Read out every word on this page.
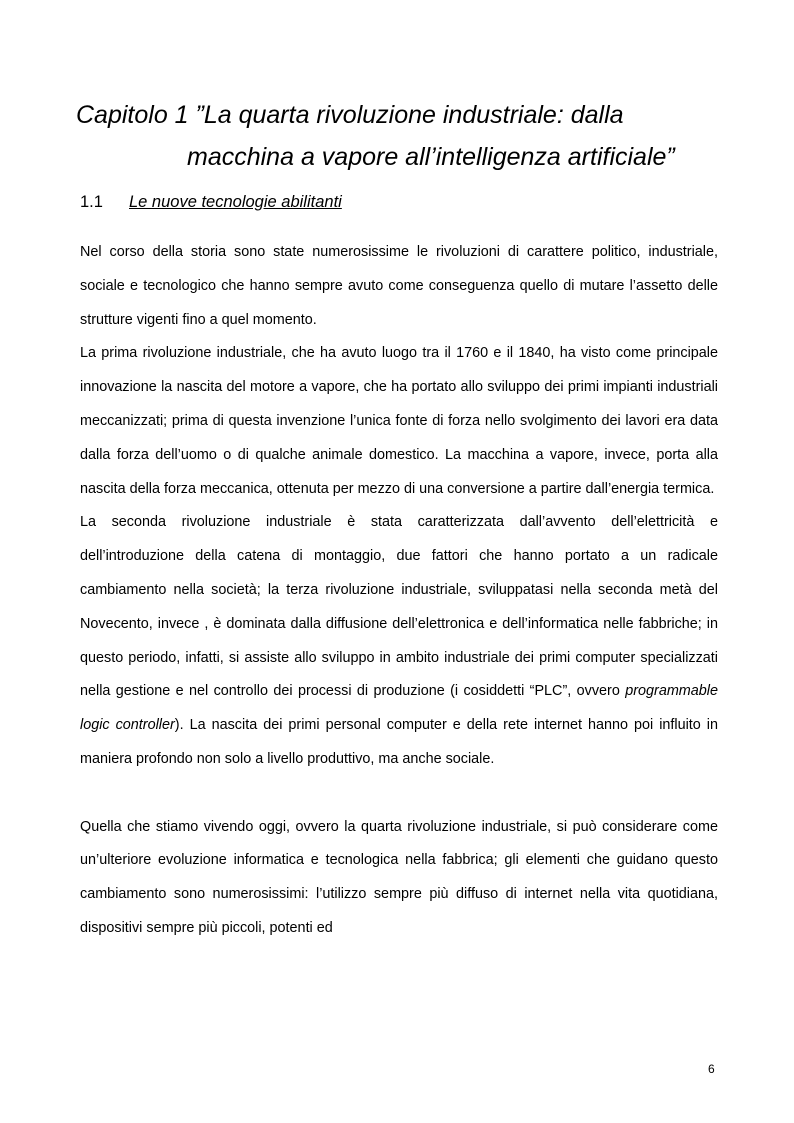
Capitolo 1 ”La quarta rivoluzione industriale: dalla
macchina a vapore all’intelligenza artificiale”
1.1 Le nuove tecnologie abilitanti

Nel corso della storia sono state numerosissime le rivoluzioni di carattere politico, industriale, sociale e tecnologico che hanno sempre avuto come conseguenza quello di mutare l’assetto delle strutture vigenti fino a quel momento.

La prima rivoluzione industriale, che ha avuto luogo tra il 1760 e il 1840, ha visto come principale innovazione la nascita del motore a vapore, che ha portato allo sviluppo dei primi impianti industriali meccanizzati; prima di questa invenzione l’unica fonte di forza nello svolgimento dei lavori era data dalla forza dell’uomo o di qualche animale domestico. La macchina a vapore, invece, porta alla nascita della forza meccanica, ottenuta per mezzo di una conversione a partire dall’energia termica.

La seconda rivoluzione industriale è stata caratterizzata dall’avvento dell’elettricità e dell’introduzione della catena di montaggio, due fattori che hanno portato a un radicale cambiamento nella società; la terza rivoluzione industriale, sviluppatasi nella seconda metà del Novecento, invece , è dominata dalla diffusione dell’elettronica e dell’informatica nelle fabbriche; in questo periodo, infatti, si assiste allo sviluppo in ambito industriale dei primi computer specializzati nella gestione e nel controllo dei processi di produzione (i cosiddetti “PLC”, ovvero programmable logic controller). La nascita dei primi personal computer e della rete internet hanno poi influito in maniera profondo non solo a livello produttivo, ma anche sociale.

Quella che stiamo vivendo oggi, ovvero la quarta rivoluzione industriale, si può considerare come un’ulteriore evoluzione informatica e tecnologica nella fabbrica; gli elementi che guidano questo cambiamento sono numerosissimi: l’utilizzo sempre più diffuso di internet nella vita quotidiana, dispositivi sempre più piccoli, potenti ed

6
